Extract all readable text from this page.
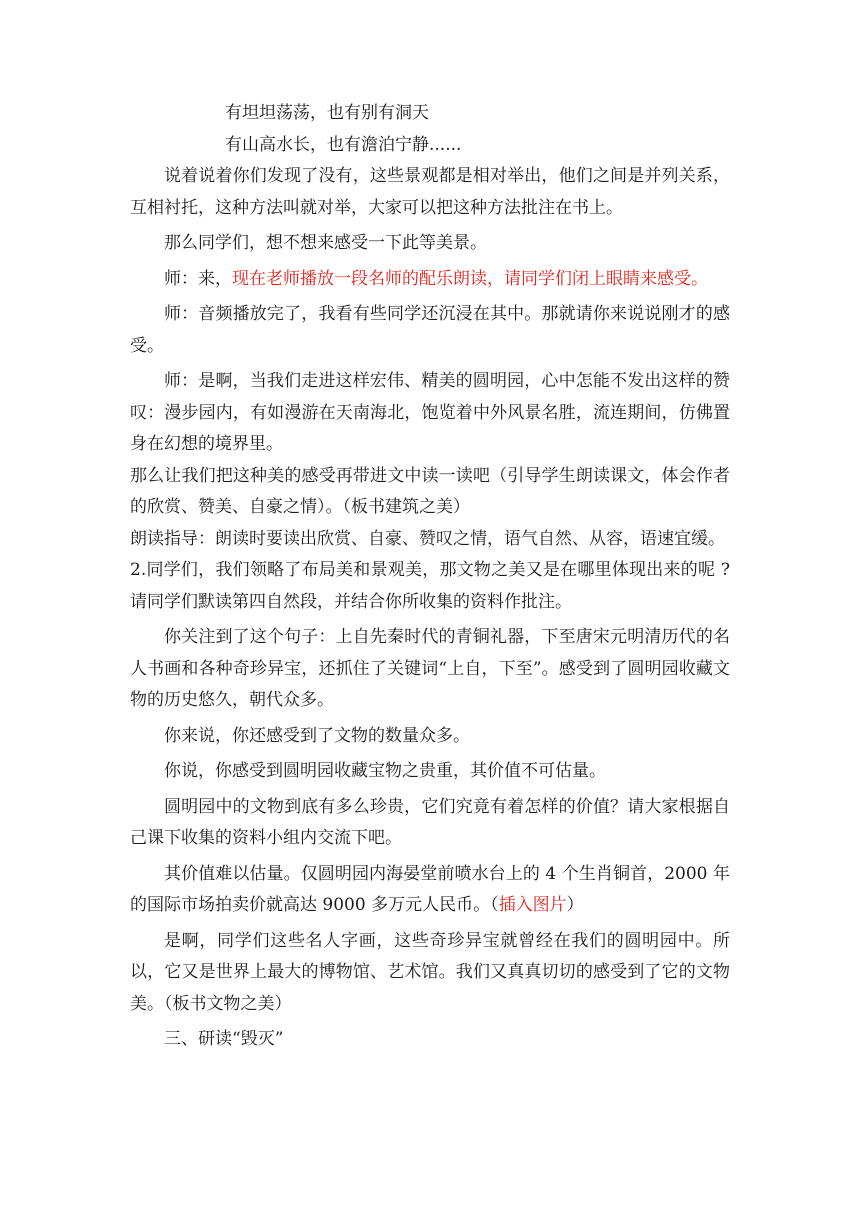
有坦坦荡荡，也有别有洞天

有山高水长，也有澹泊宁静......

说着说着你们发现了没有，这些景观都是相对举出，他们之间是并列关系，互相衬托，这种方法叫就对举，大家可以把这种方法批注在书上。

那么同学们，想不想来感受一下此等美景。

师：来，现在老师播放一段名师的配乐朗读，请同学们闭上眼睛来感受。

师：音频播放完了，我看有些同学还沉浸在其中。那就请你来说说刚才的感受。

师：是啊，当我们走进这样宏伟、精美的圆明园，心中怎能不发出这样的赞叹：漫步园内，有如漫游在天南海北，饱览着中外风景名胜，流连期间，仿佛置身在幻想的境界里。

那么让我们把这种美的感受再带进文中读一读吧（引导学生朗读课文，体会作者的欣赏、赞美、自豪之情）。（板书建筑之美）

朗读指导：朗读时要读出欣赏、自豪、赞叹之情，语气自然、从容，语速宜缓。

2.同学们，我们领略了布局美和景观美，那文物之美又是在哪里体现出来的呢 ?请同学们默读第四自然段，并结合你所收集的资料作批注。

你关注到了这个句子：上自先秦时代的青铜礼器，下至唐宋元明清历代的名人书画和各种奇珍异宝，还抓住了关键词“上自，下至”。感受到了圆明园收藏文物的历史悠久，朝代众多。

你来说，你还感受到了文物的数量众多。

你说，你感受到圆明园收藏宝物之贵重，其价值不可估量。

圆明园中的文物到底有多么珍贵，它们究竟有着怎样的价值？请大家根据自己课下收集的资料小组内交流下吧。

其价值难以估量。仅圆明园内海晏堂前喷水台上的 4 个生肖铜首，2000 年的国际市场拍卖价就高达 9000 多万元人民币。（插入图片）

是啊，同学们这些名人字画，这些奇珍异宝就曾经在我们的圆明园中。所以，它又是世界上最大的博物馆、艺术馆。我们又真真切切的感受到了它的文物美。（板书文物之美）

三、研读“毁灭”
